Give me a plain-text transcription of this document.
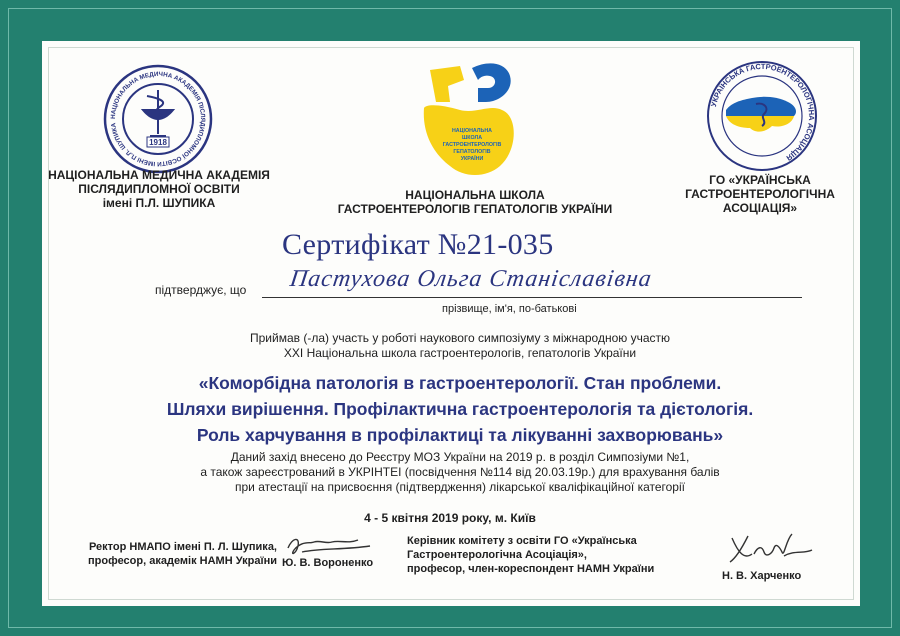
НАЦІОНАЛЬНА МЕДИЧНА АКАДЕМІЯ ПІСЛЯДИПЛОМНОЇ ОСВІТИ ІМЕНІ П.Л. ШУПИКА
1918
НАЦІОНАЛЬНА МЕДИЧНА АКАДЕМІЯ
ПІСЛЯДИПЛОМНОЇ ОСВІТИ
імені П.Л. ШУПИКА
НАЦІОНАЛЬНА
ШКОЛА
ГАСТРОЕНТЕРОЛОГІВ
ГЕПАТОЛОГІВ
УКРАЇНИ
НАЦІОНАЛЬНА ШКОЛА
ГАСТРОЕНТЕРОЛОГІВ ГЕПАТОЛОГІВ УКРАЇНИ
УКРАЇНСЬКА ГАСТРОЕНТЕРОЛОГІЧНА АСОЦІАЦІЯ
ГО «УКРАЇНСЬКА
ГАСТРОЕНТЕРОЛОГІЧНА
АСОЦІАЦІЯ»
Сертифікат №21-035
підтверджує, що Пастухова Ольга Станіславівна
прізвище, ім'я, по-батькові
Приймав (-ла) участь у роботі наукового симпозіуму з міжнародною участю
XXI Національна школа гастроентерологів, гепатологів України
«Коморбідна патологія в гастроентерології. Стан проблеми.
Шляхи вирішення. Профілактична гастроентерологія та дієтологія.
Роль харчування в профілактиці та лікуванні захворювань»
Даний захід внесено до Реєстру МОЗ України на 2019 р. в розділ Симпозіуми №1,
а також зареєстрований в УКРІНТЕІ (посвідчення №114 від 20.03.19р.) для врахування балів
при атестації на присвоєння (підтвердження) лікарської кваліфікаційної категорії
4 - 5 квітня 2019 року, м. Київ
Ректор НМАПО імені П. Л. Шупика,
професор, академік НАМН України Ю. В. Вороненко
Керівник комітету з освіти ГО «Українська
Гастроентерологічна Асоціація»,
професор, член-кореспондент НАМН України
Н. В. Харченко
